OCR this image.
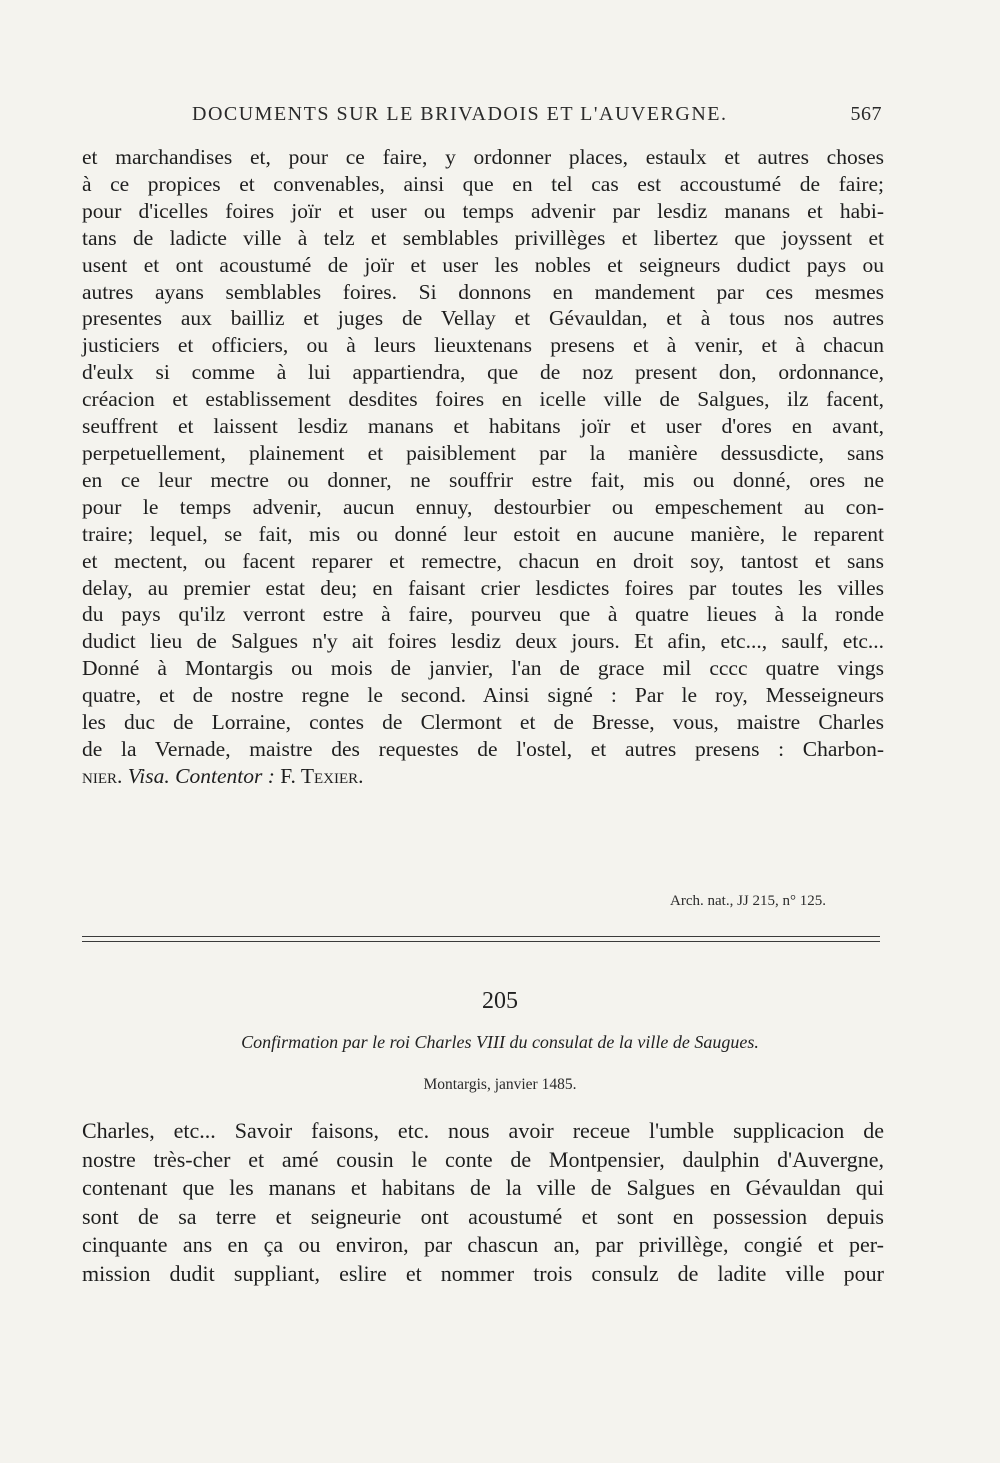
DOCUMENTS SUR LE BRIVADOIS ET L'AUVERGNE.	567
et marchandises et, pour ce faire, y ordonner places, estaulx et autres choses
à ce propices et convenables, ainsi que en tel cas est accoustumé de faire;
pour d'icelles foires joïr et user ou temps advenir par lesdiz manans et habi-
tans de ladicte ville à telz et semblables privillèges et libertez que joyssent et
usent et ont acoustumé de joïr et user les nobles et seigneurs dudict pays ou
autres ayans semblables foires. Si donnons en mandement par ces mesmes
presentes aux bailliz et juges de Vellay et Gévauldan, et à tous nos autres
justiciers et officiers, ou à leurs lieuxtenans presens et à venir, et à chacun
d'eulx si comme à lui appartiendra, que de noz present don, ordonnance,
créacion et establissement desdites foires en icelle ville de Salgues, ilz facent,
seuffrent et laissent lesdiz manans et habitans joïr et user d'ores en avant,
perpetuellement, plainement et paisiblement par la manière dessusdicte, sans
en ce leur mectre ou donner, ne souffrir estre fait, mis ou donné, ores ne
pour le temps advenir, aucun ennuy, destourbier ou empeschement au con-
traire; lequel, se fait, mis ou donné leur estoit en aucune manière, le reparent
et mectent, ou facent reparer et remectre, chacun en droit soy, tantost et sans
delay, au premier estat deu; en faisant crier lesdictes foires par toutes les villes
du pays qu'ilz verront estre à faire, pourveu que à quatre lieues à la ronde
dudict lieu de Salgues n'y ait foires lesdiz deux jours. Et afin, etc..., saulf, etc...
Donné à Montargis ou mois de janvier, l'an de grace mil cccc quatre vings
quatre, et de nostre regne le second. Ainsi signé : Par le roy, Messeigneurs
les duc de Lorraine, contes de Clermont et de Bresse, vous, maistre Charles
de la Vernade, maistre des requestes de l'ostel, et autres presens : Charbon-
nier. Visa. Contentor : F. Texier.
Arch. nat., JJ 215, n° 125.
205
Confirmation par le roi Charles VIII du consulat de la ville de Saugues.
Montargis, janvier 1485.
Charles, etc... Savoir faisons, etc. nous avoir receue l'umble supplicacion de
nostre très-cher et amé cousin le conte de Montpensier, daulphin d'Auvergne,
contenant que les manans et habitans de la ville de Salgues en Gévauldan qui
sont de sa terre et seigneurie ont acoustumé et sont en possession depuis
cinquante ans en ça ou environ, par chascun an, par privillège, congié et per-
mission dudit suppliant, eslire et nommer trois consulz de ladite ville pour
